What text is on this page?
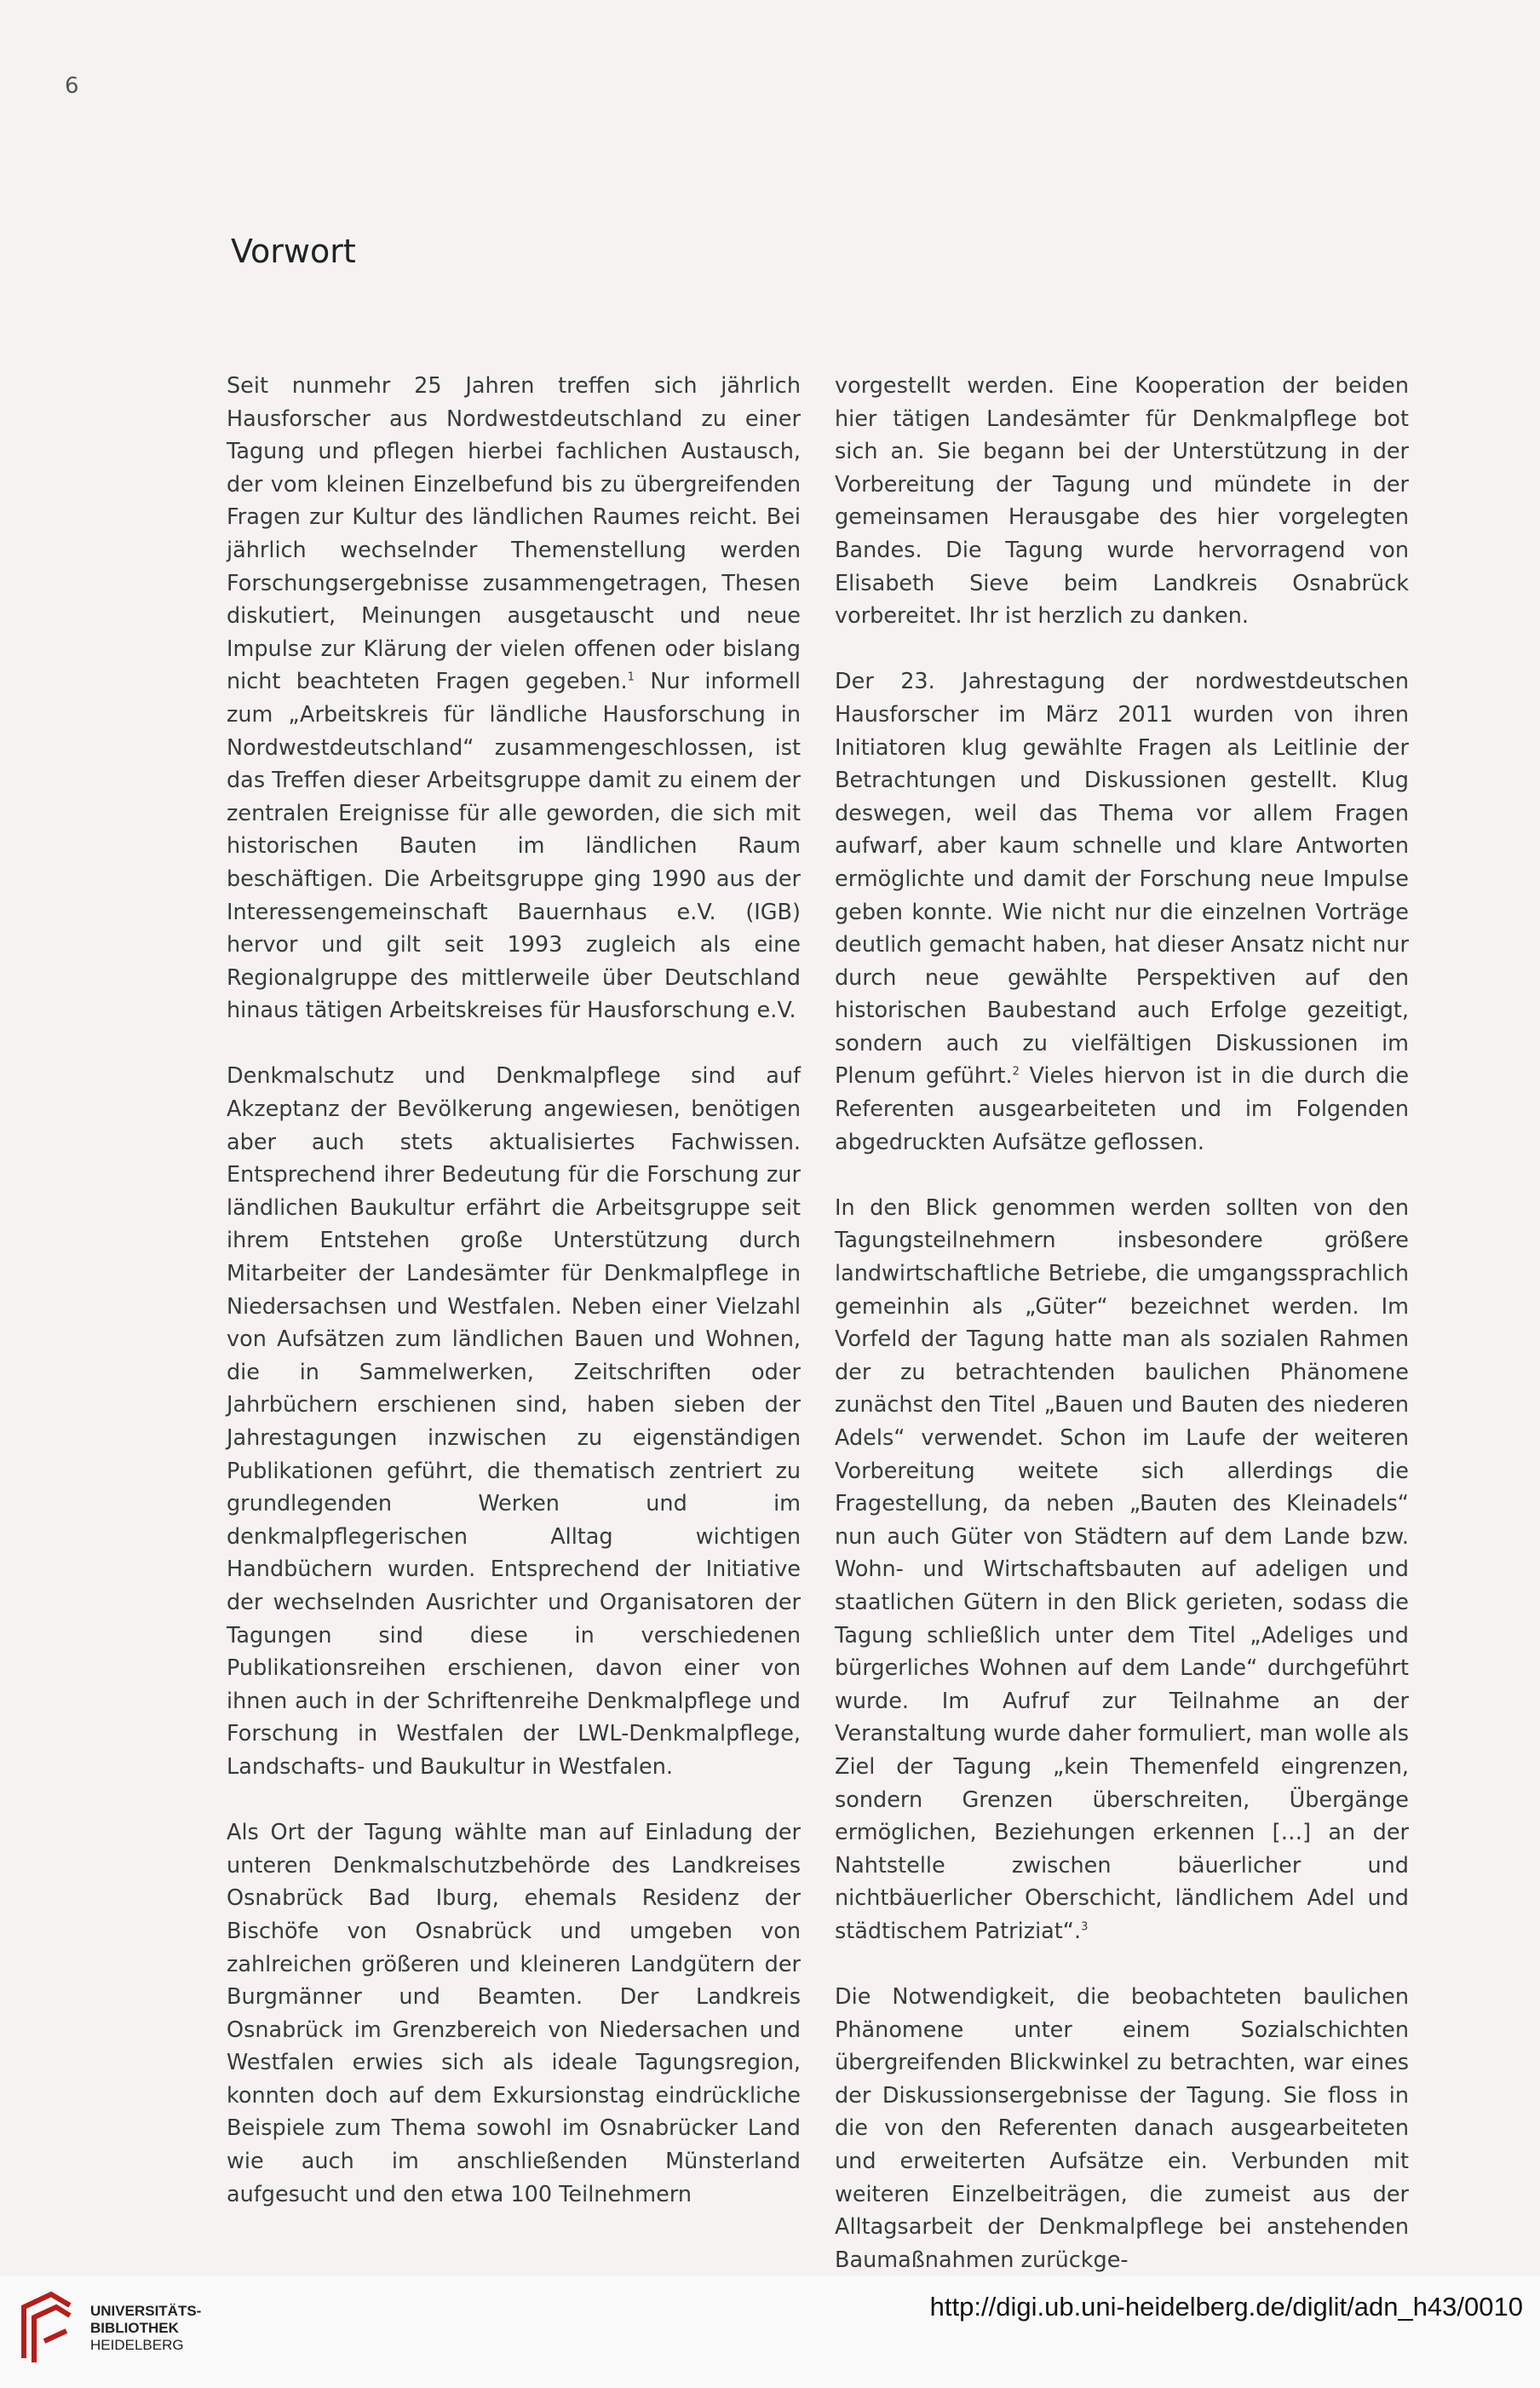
6
Vorwort

Seit nunmehr 25 Jahren treffen sich jährlich Hausforscher aus Nordwestdeutschland zu einer Tagung und pflegen hierbei fachlichen Austausch, der vom kleinen Einzelbefund bis zu übergreifenden Fragen zur Kultur des ländlichen Raumes reicht. Bei jährlich wechselnder Themenstellung werden Forschungsergebnisse zusammengetragen, Thesen diskutiert, Meinungen ausgetauscht und neue Impulse zur Klärung der vielen offenen oder bislang nicht beachteten Fragen gegeben.$^1$ Nur informell zum „Arbeitskreis für ländliche Hausforschung in Nordwestdeutschland“ zusammengeschlossen, ist das Treffen dieser Arbeitsgruppe damit zu einem der zentralen Ereignisse für alle geworden, die sich mit historischen Bauten im ländlichen Raum beschäftigen. Die Arbeitsgruppe ging 1990 aus der Interessengemeinschaft Bauernhaus e.V. (IGB) hervor und gilt seit 1993 zugleich als eine Regionalgruppe des mittlerweile über Deutschland hinaus tätigen Arbeitskreises für Hausforschung e.V.

Denkmalschutz und Denkmalpflege sind auf Akzeptanz der Bevölkerung angewiesen, benötigen aber auch stets aktualisiertes Fachwissen. Entsprechend ihrer Bedeutung für die Forschung zur ländlichen Baukultur erfährt die Arbeitsgruppe seit ihrem Entstehen große Unterstützung durch Mitarbeiter der Landesämter für Denkmalpflege in Niedersachsen und Westfalen. Neben einer Vielzahl von Aufsätzen zum ländlichen Bauen und Wohnen, die in Sammelwerken, Zeitschriften oder Jahrbüchern erschienen sind, haben sieben der Jahrestagungen inzwischen zu eigenständigen Publikationen geführt, die thematisch zentriert zu grundlegenden Werken und im denkmalpflegerischen Alltag wichtigen Handbüchern wurden. Entsprechend der Initiative der wechselnden Ausrichter und Organisatoren der Tagungen sind diese in verschiedenen Publikationsreihen erschienen, davon einer von ihnen auch in der Schriftenreihe Denkmalpflege und Forschung in Westfalen der LWL-Denkmalpflege, Landschafts- und Baukultur in Westfalen.

Als Ort der Tagung wählte man auf Einladung der unteren Denkmalschutzbehörde des Landkreises Osnabrück Bad Iburg, ehemals Residenz der Bischöfe von Osnabrück und umgeben von zahlreichen größeren und kleineren Landgütern der Burgmänner und Beamten. Der Landkreis Osnabrück im Grenzbereich von Niedersachen und Westfalen erwies sich als ideale Tagungsregion, konnten doch auf dem Exkursionstag eindrückliche Beispiele zum Thema sowohl im Osnabrücker Land wie auch im anschließenden Münsterland aufgesucht und den etwa 100 Teilnehmern

vorgestellt werden. Eine Kooperation der beiden hier tätigen Landesämter für Denkmalpflege bot sich an. Sie begann bei der Unterstützung in der Vorbereitung der Tagung und mündete in der gemeinsamen Herausgabe des hier vorgelegten Bandes. Die Tagung wurde hervorragend von Elisabeth Sieve beim Landkreis Osnabrück vorbereitet. Ihr ist herzlich zu danken.

Der 23. Jahrestagung der nordwestdeutschen Hausforscher im März 2011 wurden von ihren Initiatoren klug gewählte Fragen als Leitlinie der Betrachtungen und Diskussionen gestellt. Klug deswegen, weil das Thema vor allem Fragen aufwarf, aber kaum schnelle und klare Antworten ermöglichte und damit der Forschung neue Impulse geben konnte. Wie nicht nur die einzelnen Vorträge deutlich gemacht haben, hat dieser Ansatz nicht nur durch neue gewählte Perspektiven auf den historischen Baubestand auch Erfolge gezeitigt, sondern auch zu vielfältigen Diskussionen im Plenum geführt.$^2$ Vieles hiervon ist in die durch die Referenten ausgearbeiteten und im Folgenden abgedruckten Aufsätze geflossen.

In den Blick genommen werden sollten von den Tagungsteilnehmern insbesondere größere landwirtschaftliche Betriebe, die umgangssprachlich gemeinhin als „Güter“ bezeichnet werden. Im Vorfeld der Tagung hatte man als sozialen Rahmen der zu betrachtenden baulichen Phänomene zunächst den Titel „Bauen und Bauten des niederen Adels“ verwendet. Schon im Laufe der weiteren Vorbereitung weitete sich allerdings die Fragestellung, da neben „Bauten des Kleinadels“ nun auch Güter von Städtern auf dem Lande bzw. Wohn- und Wirtschaftsbauten auf adeligen und staatlichen Gütern in den Blick gerieten, sodass die Tagung schließlich unter dem Titel „Adeliges und bürgerliches Wohnen auf dem Lande“ durchgeführt wurde. Im Aufruf zur Teilnahme an der Veranstaltung wurde daher formuliert, man wolle als Ziel der Tagung „kein Themenfeld eingrenzen, sondern Grenzen überschreiten, Übergänge ermöglichen, Beziehungen erkennen […] an der Nahtstelle zwischen bäuerlicher und nichtbäuerlicher Oberschicht, ländlichem Adel und städtischem Patriziat“.$^3$

Die Notwendigkeit, die beobachteten baulichen Phänomene unter einem Sozialschichten übergreifenden Blickwinkel zu betrachten, war eines der Diskussionsergebnisse der Tagung. Sie floss in die von den Referenten danach ausgearbeiteten und erweiterten Aufsätze ein. Verbunden mit weiteren Einzelbeiträgen, die zumeist aus der Alltagsarbeit der Denkmalpflege bei anstehenden Baumaßnahmen zurückge-

UNIVERSITÄTS-
BIBLIOTHEK
HEIDELBERG
http://digi.ub.uni-heidelberg.de/diglit/adn_h43/0010
